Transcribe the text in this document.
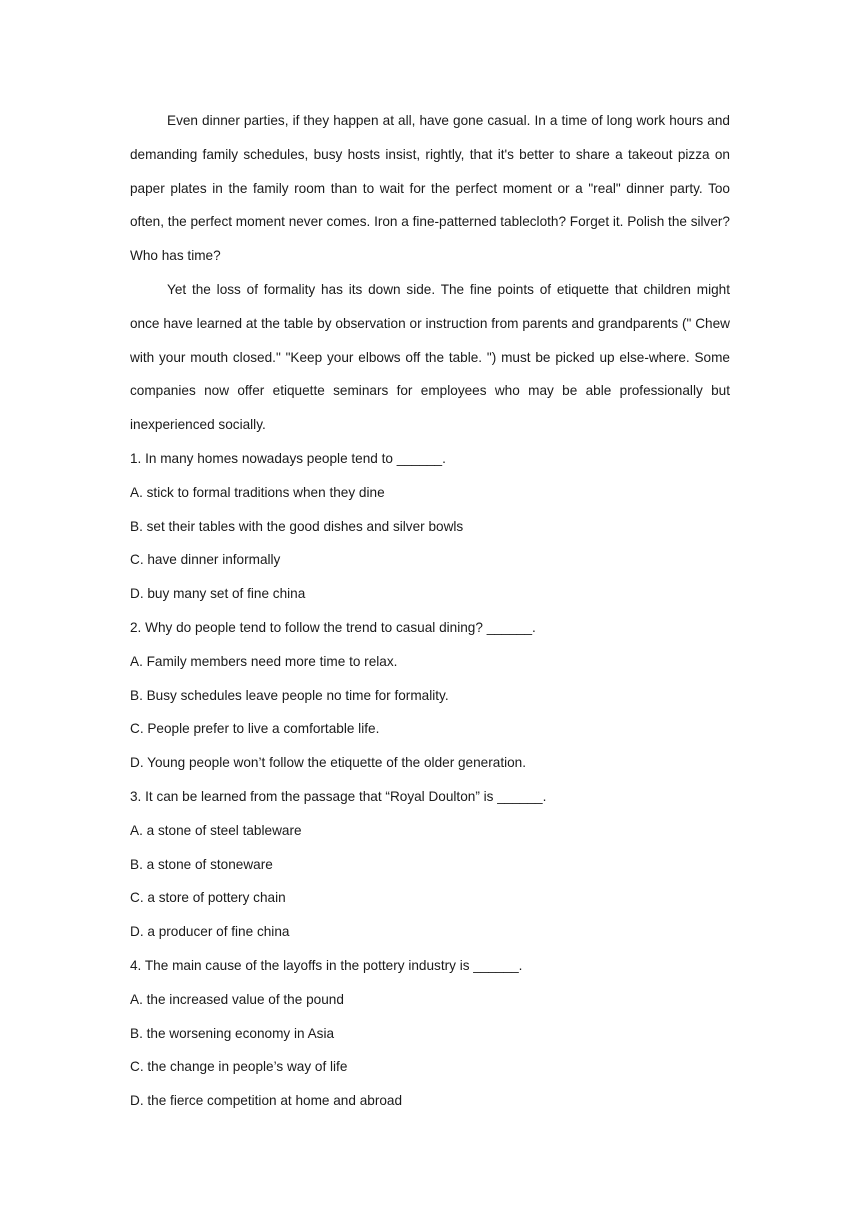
Even dinner parties, if they happen at all, have gone casual. In a time of long work hours and demanding family schedules, busy hosts insist, rightly, that it's better to share a takeout pizza on paper plates in the family room than to wait for the perfect moment or a "real" dinner party. Too often, the perfect moment never comes. Iron a fine-patterned tablecloth? Forget it. Polish the silver? Who has time?

Yet the loss of formality has its down side. The fine points of etiquette that children might once have learned at the table by observation or instruction from parents and grandparents (" Chew with your mouth closed." "Keep your elbows off the table. ") must be picked up else-where. Some companies now offer etiquette seminars for employees who may be able professionally but inexperienced socially.

1. In many homes nowadays people tend to ______.

A. stick to formal traditions when they dine

B. set their tables with the good dishes and silver bowls

C. have dinner informally

D. buy many set of fine china

2. Why do people tend to follow the trend to casual dining? ______.

A. Family members need more time to relax.

B. Busy schedules leave people no time for formality.

C. People prefer to live a comfortable life.

D. Young people won’t follow the etiquette of the older generation.

3. It can be learned from the passage that “Royal Doulton” is ______.

A. a stone of steel tableware

B. a stone of stoneware

C. a store of pottery chain

D. a producer of fine china

4. The main cause of the layoffs in the pottery industry is ______.

A. the increased value of the pound

B. the worsening economy in Asia

C. the change in people’s way of life

D. the fierce competition at home and abroad
